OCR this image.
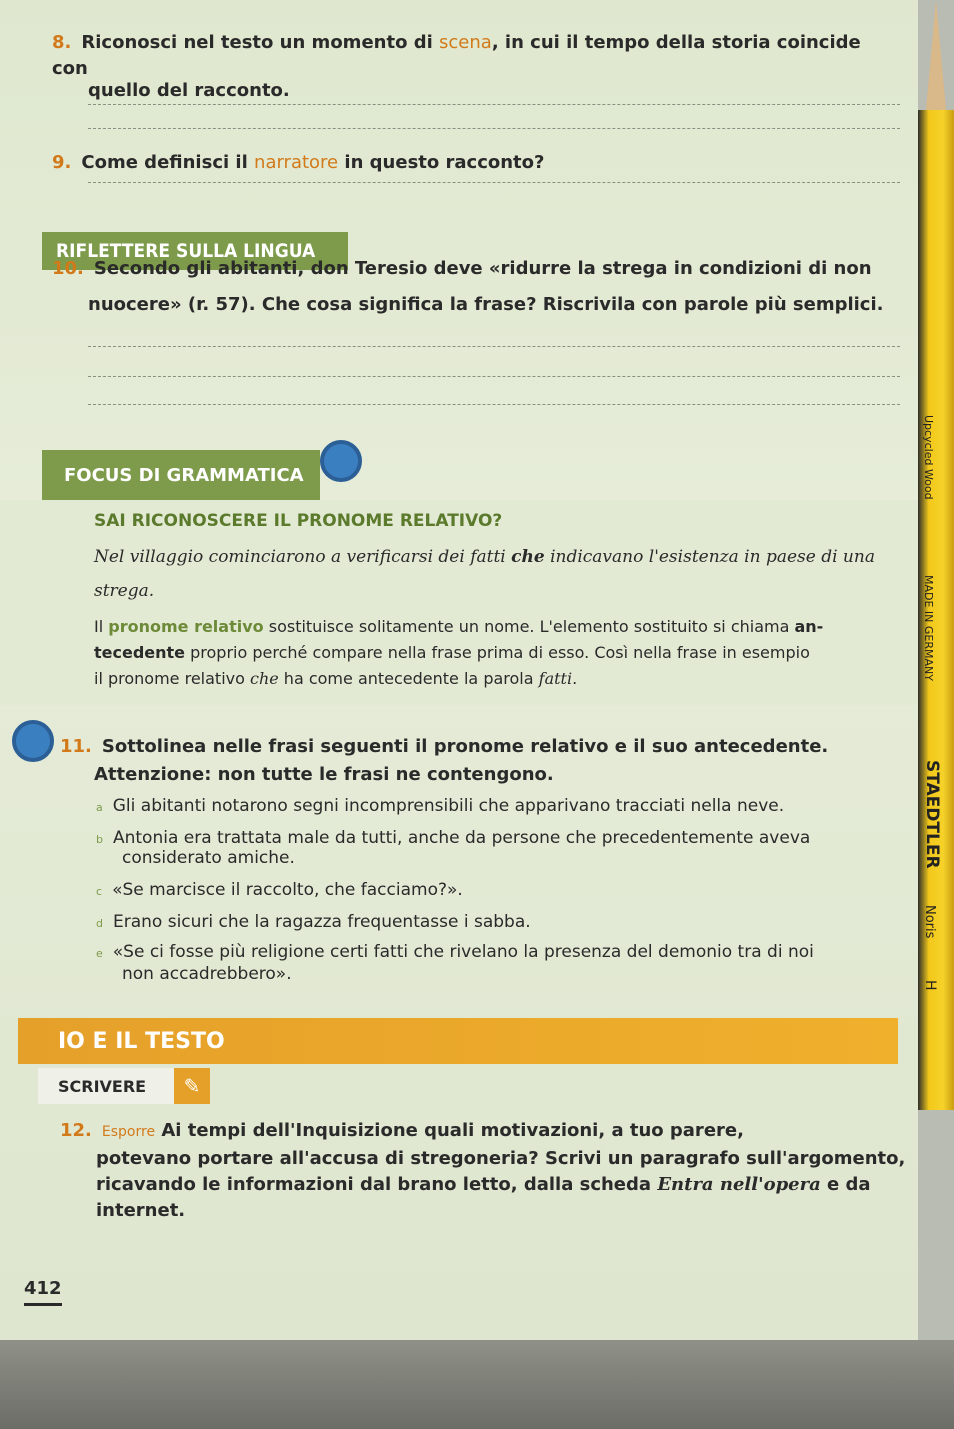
Upcycled Wood
MADE IN GERMANY
STAEDTLER
Noris
H
8. Riconosci nel testo un momento di scena, in cui il tempo della storia coincide con
quello del racconto.
9. Come definisci il narratore in questo racconto?
RIFLETTERE SULLA LINGUA
10. Secondo gli abitanti, don Teresio deve «ridurre la strega in condizioni di non
nuocere» (r. 57). Che cosa significa la frase? Riscrivila con parole più semplici.
FOCUS DI GRAMMATICA
SAI RICONOSCERE IL PRONOME RELATIVO?
Nel villaggio cominciarono a verificarsi dei fatti che indicavano l'esistenza in paese di una
strega.
Il pronome relativo sostituisce solitamente un nome. L'elemento sostituito si chiama an-
tecedente proprio perché compare nella frase prima di esso. Così nella frase in esempio
il pronome relativo che ha come antecedente la parola fatti.
11. Sottolinea nelle frasi seguenti il pronome relativo e il suo antecedente.
Attenzione: non tutte le frasi ne contengono.
a Gli abitanti notarono segni incomprensibili che apparivano tracciati nella neve.
b Antonia era trattata male da tutti, anche da persone che precedentemente aveva
considerato amiche.
c «Se marcisce il raccolto, che facciamo?».
d Erano sicuri che la ragazza frequentasse i sabba.
e «Se ci fosse più religione certi fatti che rivelano la presenza del demonio tra di noi
non accadrebbero».
IO E IL TESTO
SCRIVERE	✎
12. Esporre Ai tempi dell'Inquisizione quali motivazioni, a tuo parere,
potevano portare all'accusa di stregoneria? Scrivi un paragrafo sull'argomento,
ricavando le informazioni dal brano letto, dalla scheda Entra nell'opera e da
internet.
412
